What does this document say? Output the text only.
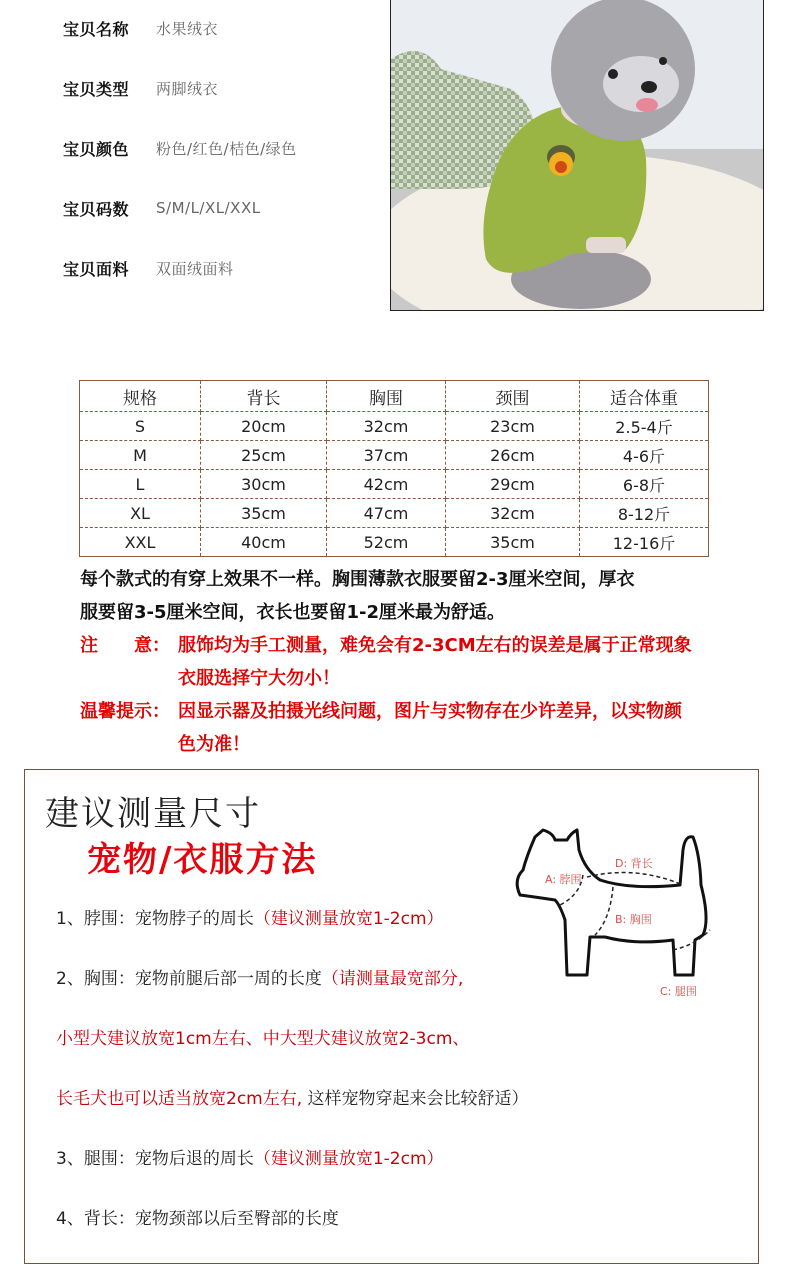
宝贝名称	水果绒衣
宝贝类型	两脚绒衣
宝贝颜色	粉色/红色/桔色/绿色
宝贝码数	S/M/L/XL/XXL
宝贝面料	双面绒面料
规格	背长	胸围	颈围	适合体重
S	20cm	32cm	23cm	2.5-4斤
M	25cm	37cm	26cm	4-6斤
L	30cm	42cm	29cm	6-8斤
XL	35cm	47cm	32cm	8-12斤
XXL	40cm	52cm	35cm	12-16斤
每个款式的有穿上效果不一样。胸围薄款衣服要留2-3厘米空间，厚衣
服要留3-5厘米空间，衣长也要留1-2厘米最为舒适。
注　　意： 服饰均为手工测量，难免会有2-3CM左右的误差是属于正常现象
衣服选择宁大勿小！
温馨提示： 因显示器及拍摄光线问题，图片与实物存在少许差异，以实物颜
色为准！
建议测量尺寸
宠物/衣服方法
1、脖围：宠物脖子的周长（建议测量放宽1-2cm）
2、胸围：宠物前腿后部一周的长度（请测量最宽部分,
小型犬建议放宽1cm左右、中大型犬建议放宽2-3cm、
长毛犬也可以适当放宽2cm左右, 这样宠物穿起来会比较舒适）
3、腿围：宠物后退的周长（建议测量放宽1-2cm）
4、背长：宠物颈部以后至臀部的长度
A: 脖围
D: 背长
B: 胸围
C: 腿围
